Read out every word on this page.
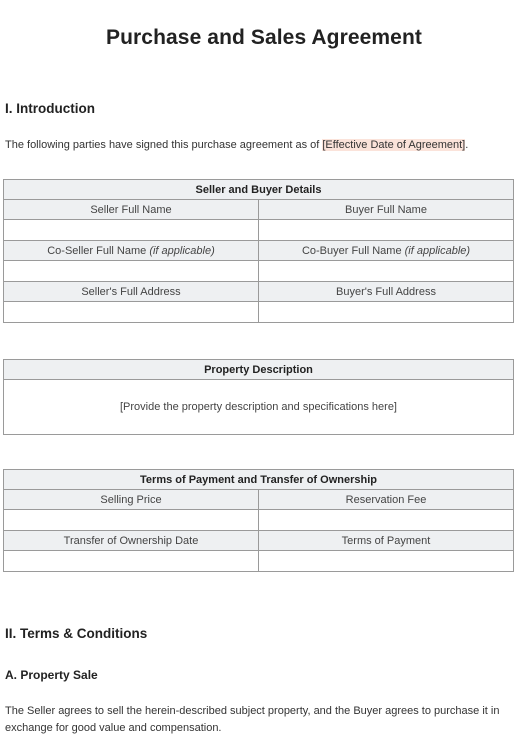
Purchase and Sales Agreement
I. Introduction
The following parties have signed this purchase agreement as of [Effective Date of Agreement].
Seller and Buyer Details	
Seller Full Name	Buyer Full Name

Co-Seller Full Name (if applicable)	Co-Buyer Full Name (if applicable)

Seller's Full Address	Buyer's Full Address

Property Description
[Provide the property description and specifications here]
Terms of Payment and Transfer of Ownership	
Selling Price	Reservation Fee

Transfer of Ownership Date	Terms of Payment

II. Terms & Conditions
A. Property Sale
The Seller agrees to sell the herein-described subject property, and the Buyer agrees to purchase it in exchange for good value and compensation.
